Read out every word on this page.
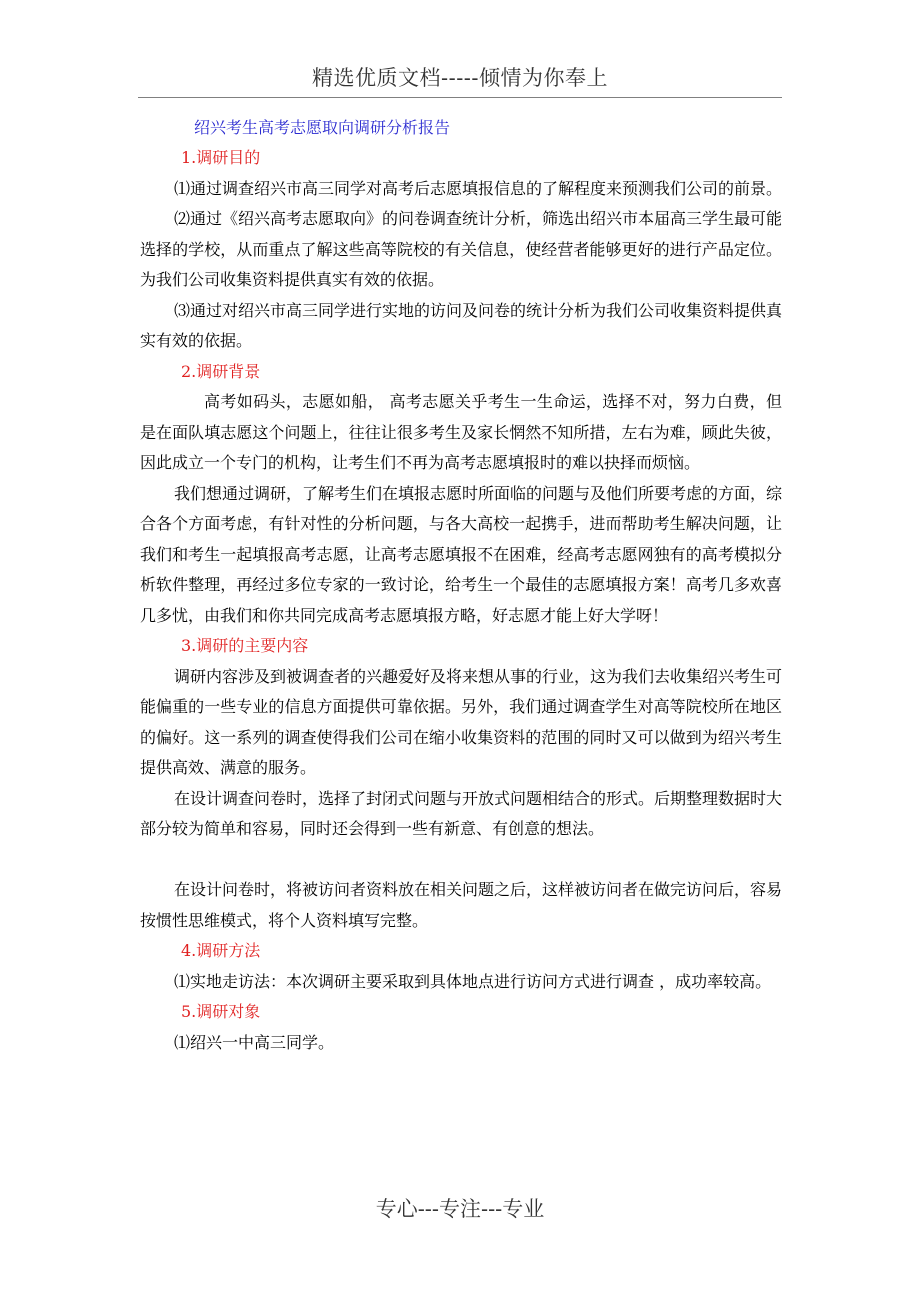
精选优质文档-----倾情为你奉上

绍兴考生高考志愿取向调研分析报告

1.调研目的

⑴通过调查绍兴市高三同学对高考后志愿填报信息的了解程度来预测我们公司的前景。

⑵通过《绍兴高考志愿取向》的问卷调查统计分析，筛选出绍兴市本届高三学生最可能选择的学校，从而重点了解这些高等院校的有关信息，使经营者能够更好的进行产品定位。为我们公司收集资料提供真实有效的依据。

⑶通过对绍兴市高三同学进行实地的访问及问卷的统计分析为我们公司收集资料提供真实有效的依据。

2.调研背景

高考如码头，志愿如船， 高考志愿关乎考生一生命运，选择不对，努力白费，但是在面队填志愿这个问题上，往往让很多考生及家长惘然不知所措，左右为难，顾此失彼，因此成立一个专门的机构，让考生们不再为高考志愿填报时的难以抉择而烦恼。

我们想通过调研，了解考生们在填报志愿时所面临的问题与及他们所要考虑的方面，综合各个方面考虑，有针对性的分析问题，与各大高校一起携手，进而帮助考生解决问题，让我们和考生一起填报高考志愿，让高考志愿填报不在困难，经高考志愿网独有的高考模拟分析软件整理，再经过多位专家的一致讨论，给考生一个最佳的志愿填报方案！高考几多欢喜几多忧，由我们和你共同完成高考志愿填报方略，好志愿才能上好大学呀！

3.调研的主要内容

调研内容涉及到被调查者的兴趣爱好及将来想从事的行业，这为我们去收集绍兴考生可能偏重的一些专业的信息方面提供可靠依据。另外，我们通过调查学生对高等院校所在地区的偏好。这一系列的调查使得我们公司在缩小收集资料的范围的同时又可以做到为绍兴考生提供高效、满意的服务。

在设计调查问卷时，选择了封闭式问题与开放式问题相结合的形式。后期整理数据时大部分较为简单和容易，同时还会得到一些有新意、有创意的想法。

在设计问卷时，将被访问者资料放在相关问题之后，这样被访问者在做完访问后，容易按惯性思维模式，将个人资料填写完整。

4.调研方法

⑴实地走访法：本次调研主要采取到具体地点进行访问方式进行调查 ，成功率较高。

5.调研对象

⑴绍兴一中高三同学。

专心---专注---专业
